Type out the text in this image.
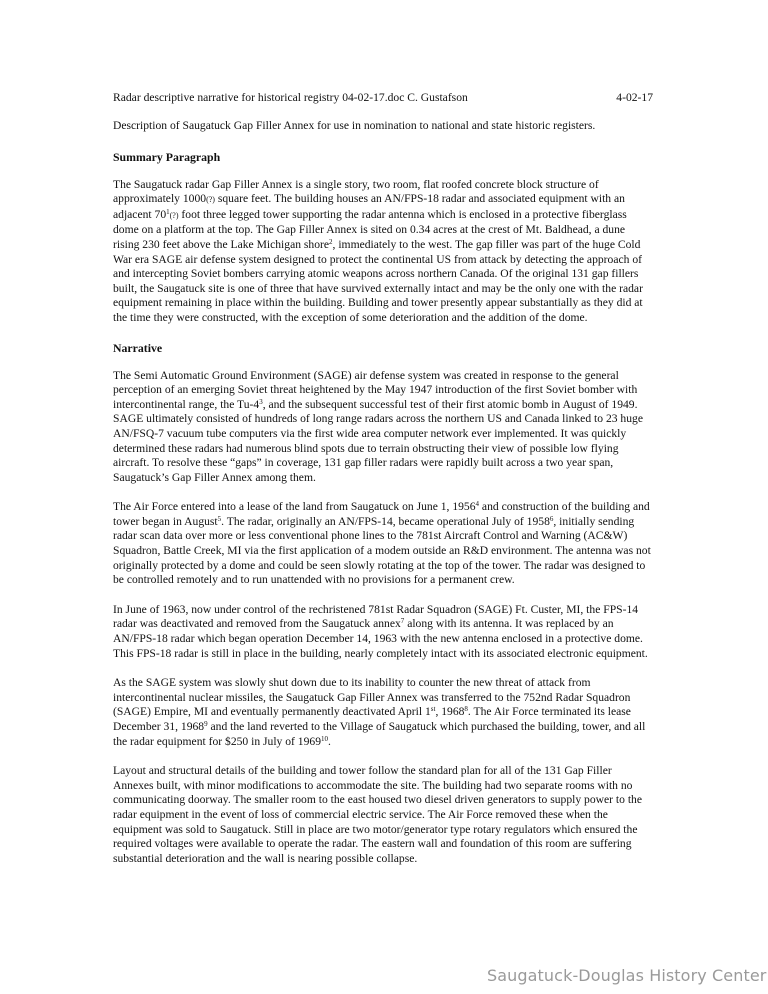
Radar descriptive narrative for historical registry 04-02-17.doc C. Gustafson	4-02-17

Description of Saugatuck Gap Filler Annex for use in nomination to national and state historic registers.

Summary Paragraph

The Saugatuck radar Gap Filler Annex is a single story, two room, flat roofed concrete block structure of approximately 1000(?) square feet. The building houses an AN/FPS-18 radar and associated equipment with an adjacent $70^1(?)$ foot three legged tower supporting the radar antenna which is enclosed in a protective fiberglass dome on a platform at the top. The Gap Filler Annex is sited on 0.34 acres at the crest of Mt. Baldhead, a dune rising 230 feet above the Lake Michigan shore$^2$, immediately to the west. The gap filler was part of the huge Cold War era SAGE air defense system designed to protect the continental US from attack by detecting the approach of and intercepting Soviet bombers carrying atomic weapons across northern Canada. Of the original 131 gap fillers built, the Saugatuck site is one of three that have survived externally intact and may be the only one with the radar equipment remaining in place within the building. Building and tower presently appear substantially as they did at the time they were constructed, with the exception of some deterioration and the addition of the dome.

Narrative

The Semi Automatic Ground Environment (SAGE) air defense system was created in response to the general perception of an emerging Soviet threat heightened by the May 1947 introduction of the first Soviet bomber with intercontinental range, the $Tu-4^3$, and the subsequent successful test of their first atomic bomb in August of 1949. SAGE ultimately consisted of hundreds of long range radars across the northern US and Canada linked to 23 huge AN/FSQ-7 vacuum tube computers via the first wide area computer network ever implemented. It was quickly determined these radars had numerous blind spots due to terrain obstructing their view of possible low flying aircraft. To resolve these “gaps” in coverage, 131 gap filler radars were rapidly built across a two year span, Saugatuck’s Gap Filler Annex among them.

The Air Force entered into a lease of the land from Saugatuck on June 1, 1956$^4$ and construction of the building and tower began in August$^5$. The radar, originally an AN/FPS-14, became operational July of 1958$^6$, initially sending radar scan data over more or less conventional phone lines to the 781st Aircraft Control and Warning (AC&W) Squadron, Battle Creek, MI via the first application of a modem outside an R&D environment. The antenna was not originally protected by a dome and could be seen slowly rotating at the top of the tower. The radar was designed to be controlled remotely and to run unattended with no provisions for a permanent crew.

In June of 1963, now under control of the rechristened 781st Radar Squadron (SAGE) Ft. Custer, MI, the FPS-14 radar was deactivated and removed from the Saugatuck annex$^7$ along with its antenna. It was replaced by an AN/FPS-18 radar which began operation December 14, 1963 with the new antenna enclosed in a protective dome. This FPS-18 radar is still in place in the building, nearly completely intact with its associated electronic equipment.

As the SAGE system was slowly shut down due to its inability to counter the new threat of attack from intercontinental nuclear missiles, the Saugatuck Gap Filler Annex was transferred to the 752nd Radar Squadron (SAGE) Empire, MI and eventually permanently deactivated April 1st, 1968$^8$. The Air Force terminated its lease December 31, 1968$^9$ and the land reverted to the Village of Saugatuck which purchased the building, tower, and all the radar equipment for $250 in July of 1969$^{10}$.

Layout and structural details of the building and tower follow the standard plan for all of the 131 Gap Filler Annexes built, with minor modifications to accommodate the site. The building had two separate rooms with no communicating doorway. The smaller room to the east housed two diesel driven generators to supply power to the radar equipment in the event of loss of commercial electric service. The Air Force removed these when the equipment was sold to Saugatuck. Still in place are two motor/generator type rotary regulators which ensured the required voltages were available to operate the radar. The eastern wall and foundation of this room are suffering substantial deterioration and the wall is nearing possible collapse.

Saugatuck-Douglas History Center
